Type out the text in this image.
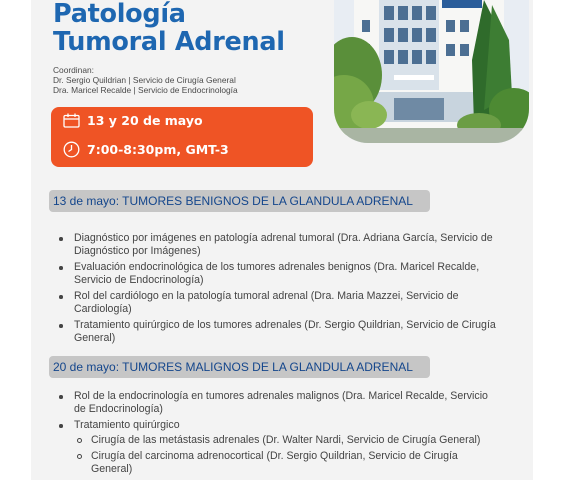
Patología
Tumoral Adrenal
Coordinan:
Dr. Sergio Quildrian | Servicio de Cirugía General
Dra. Maricel Recalde | Servicio de Endocrinología
13 y 20 de mayo
7:00-8:30pm, GMT-3
13 de mayo: TUMORES BENIGNOS DE LA GLANDULA ADRENAL
Diagnóstico por imágenes en patología adrenal tumoral (Dra. Adriana García, Servicio de Diagnóstico por Imágenes)
Evaluación endocrinológica de los tumores adrenales benignos (Dra. Maricel Recalde, Servicio de Endocrinología)
Rol del cardiólogo en la patología tumoral adrenal (Dra. Maria Mazzei, Servicio de Cardiología)
Tratamiento quirúrgico de los tumores adrenales (Dr. Sergio Quildrian, Servicio de Cirugía General)
20 de mayo: TUMORES MALIGNOS DE LA GLANDULA ADRENAL
Rol de la endocrinología en tumores adrenales malignos (Dra. Maricel Recalde, Servicio de Endocrinología)
Tratamiento quirúrgico
Cirugía de las metástasis adrenales (Dr. Walter Nardi, Servicio de Cirugía General)
Cirugía del carcinoma adrenocortical (Dr. Sergio Quildrian, Servicio de Cirugía General)
